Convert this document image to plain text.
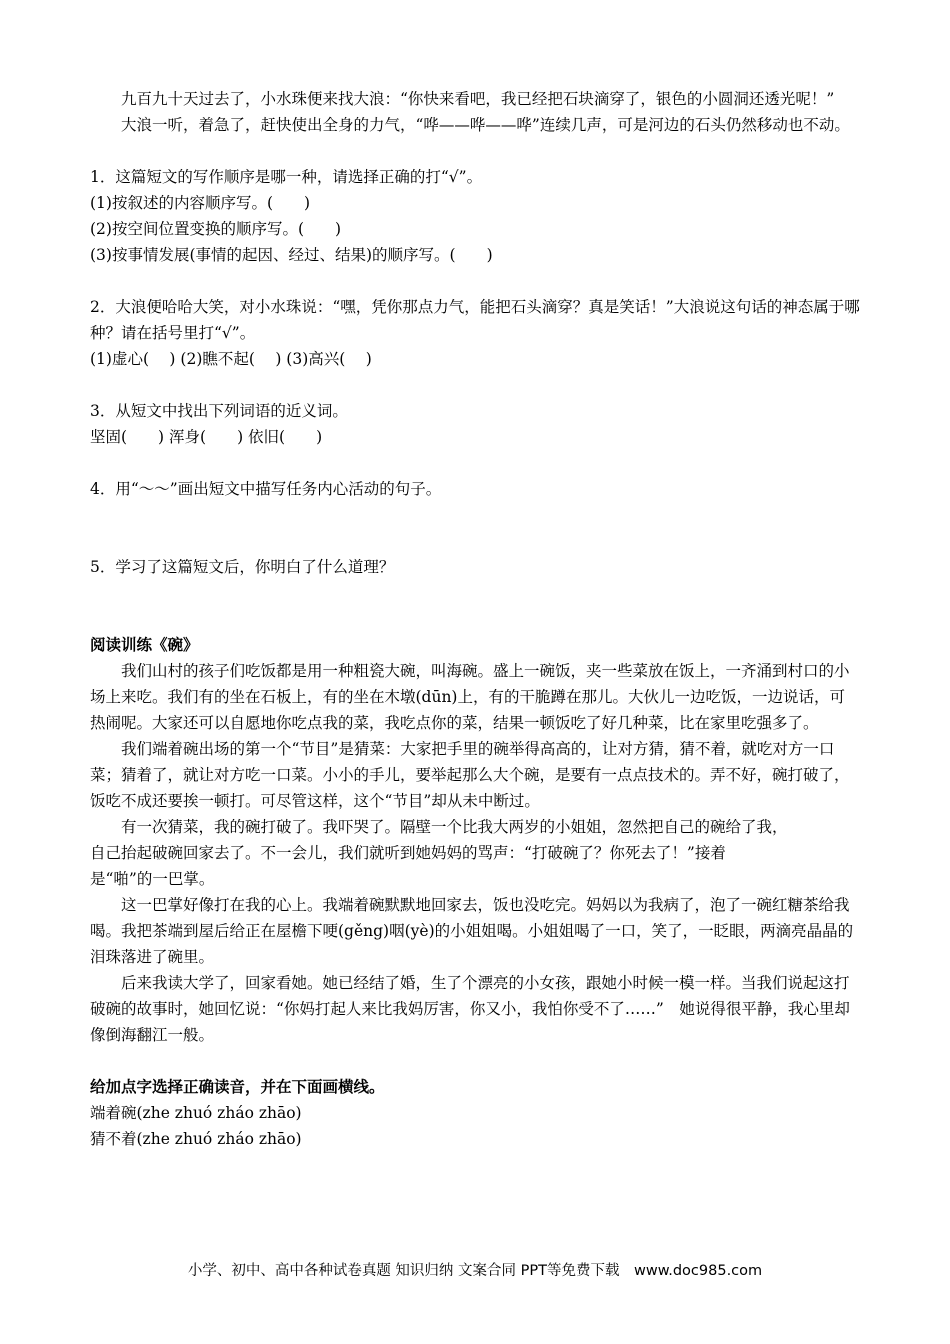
九百九十天过去了，小水珠便来找大浪：“你快来看吧，我已经把石块滴穿了，银色的小圆洞还透光呢！”

大浪一听，着急了，赶快使出全身的力气，“哗——哗——哗”连续几声，可是河边的石头仍然移动也不动。

1．这篇短文的写作顺序是哪一种，请选择正确的打“√”。

(1)按叙述的内容顺序写。(　　)

(2)按空间位置变换的顺序写。(　　)

(3)按事情发展(事情的起因、经过、结果)的顺序写。(　　)

2．大浪便哈哈大笑，对小水珠说：“嘿，凭你那点力气，能把石头滴穿？真是笑话！”大浪说这句话的神态属于哪种？请在括号里打“√”。

(1)虚心(　 ) (2)瞧不起(　 ) (3)高兴(　 )

3．从短文中找出下列词语的近义词。

坚固(　　) 浑身(　　) 依旧(　　)

4．用“～～”画出短文中描写任务内心活动的句子。

5．学习了这篇短文后，你明白了什么道理？

阅读训练《碗》

我们山村的孩子们吃饭都是用一种粗瓷大碗，叫海碗。盛上一碗饭，夹一些菜放在饭上，一齐涌到村口的小场上来吃。我们有的坐在石板上，有的坐在木墩(dūn)上，有的干脆蹲在那儿。大伙儿一边吃饭，一边说话，可热闹呢。大家还可以自愿地你吃点我的菜，我吃点你的菜，结果一顿饭吃了好几种菜，比在家里吃强多了。

我们端着碗出场的第一个“节目”是猜菜：大家把手里的碗举得高高的，让对方猜，猜不着，就吃对方一口菜；猜着了，就让对方吃一口菜。小小的手儿，要举起那么大个碗，是要有一点点技术的。弄不好，碗打破了，饭吃不成还要挨一顿打。可尽管这样，这个“节目”却从未中断过。

有一次猜菜，我的碗打破了。我吓哭了。隔壁一个比我大两岁的小姐姐，忽然把自己的碗给了我，

自己抬起破碗回家去了。不一会儿，我们就听到她妈妈的骂声：“打破碗了？你死去了！”接着

是“啪”的一巴掌。

这一巴掌好像打在我的心上。我端着碗默默地回家去，饭也没吃完。妈妈以为我病了，泡了一碗红糖茶给我喝。我把茶端到屋后给正在屋檐下哽(gěng)咽(yè)的小姐姐喝。小姐姐喝了一口，笑了，一眨眼，两滴亮晶晶的泪珠落进了碗里。

后来我读大学了，回家看她。她已经结了婚，生了个漂亮的小女孩，跟她小时候一模一样。当我们说起这打破碗的故事时，她回忆说：“你妈打起人来比我妈厉害，你又小，我怕你受不了……”　她说得很平静，我心里却像倒海翻江一般。

给加点字选择正确读音，并在下面画横线。

端着碗(zhe zhuó zháo zhāo)

猜不着(zhe zhuó zháo zhāo)

小学、初中、高中各种试卷真题 知识归纳 文案合同 PPT等免费下载　www.doc985.com
